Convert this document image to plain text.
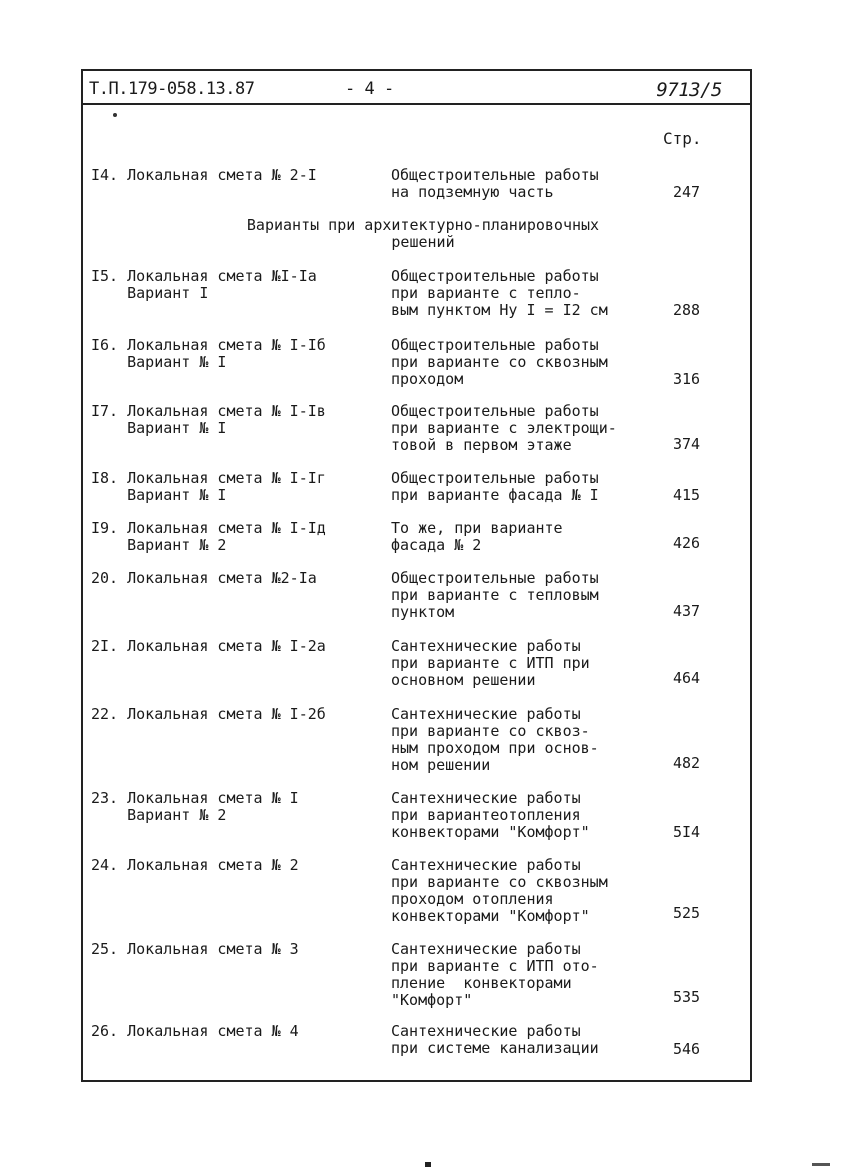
Т.П.179-058.13.87	- 4 -	9713/5
Стр.
Варианты при архитектурно-планировочных
решений
I4. Локальная смета № 2-I	Общестроительные работы
на подземную часть	247
I5. Локальная смета №I-Iа
Вариант I
Общестроительные работы
при варианте с тепло-
вым пунктом Ну I = I2 см	288
I6. Локальная смета № I-Iб
Вариант № I
Общестроительные работы
при варианте со сквозным
проходом	316
I7. Локальная смета № I-Iв
Вариант № I
Общестроительные работы
при варианте с электрощи-
товой в первом этаже	374
I8. Локальная смета № I-Iг
Вариант № I
Общестроительные работы
при варианте фасада № I	415
I9. Локальная смета № I-Iд
Вариант № 2
То же, при варианте
фасада № 2	426
20. Локальная смета №2-Iа	Общестроительные работы
при варианте с тепловым
пунктом	437
2I. Локальная смета № I-2а	Сантехнические работы
при варианте с ИТП при
основном решении	464
22. Локальная смета № I-2б	Сантехнические работы
при варианте со сквоз-
ным проходом при основ-
ном решении	482
23. Локальная смета № I
Вариант № 2
Сантехнические работы
при вариантеотопления
конвекторами "Комфорт"	5I4
24. Локальная смета № 2	Сантехнические работы
при варианте со сквозным
проходом отопления
конвекторами "Комфорт"	525
25. Локальная смета № 3	Сантехнические работы
при варианте с ИТП ото-
пление  конвекторами
"Комфорт"	535
26. Локальная смета № 4	Сантехнические работы
при системе канализации	546
